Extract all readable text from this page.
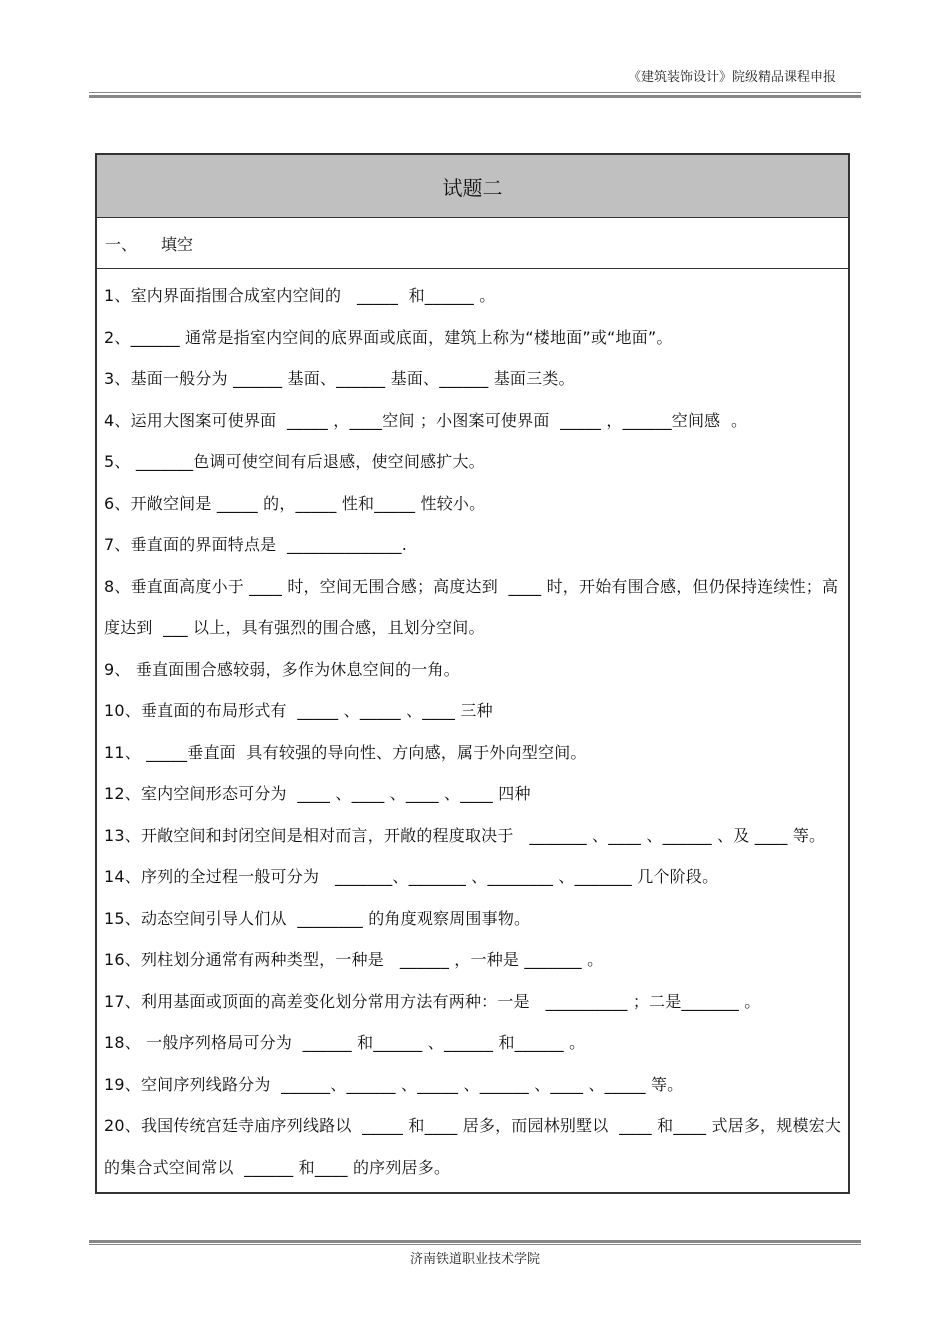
《建筑装饰设计》院级精品课程申报
试题二
一、 填空
1、室内界面指围合成室内空间的   _____  和______ 。
2、______ 通常是指室内空间的底界面或底面，建筑上称为“楼地面”或“地面”。
3、基面一般分为 ______ 基面、______ 基面、______ 基面三类。
4、运用大图案可使界面  _____ ，____空间 ；小图案可使界面  _____ ，______空间感  。
5、 _______色调可使空间有后退感，使空间感扩大。
6、开敞空间是 _____ 的，_____ 性和_____ 性较小。
7、垂直面的界面特点是  ______________.
8、垂直面高度小于 ____ 时，空间无围合感；高度达到  ____ 时，开始有围合感，但仍保持连续性；高度达到  ___ 以上，具有强烈的围合感，且划分空间。
9、 垂直面围合感较弱，多作为休息空间的一角。
10、垂直面的布局形式有  _____ 、_____ 、____ 三种
11、 _____垂直面  具有较强的导向性、方向感，属于外向型空间。
12、室内空间形态可分为  ____ 、____ 、____ 、____ 四种
13、开敞空间和封闭空间是相对而言，开敞的程度取决于   _______ 、____ 、______ 、及 ____ 等。
14、序列的全过程一般可分为   _______、_______ 、________ 、_______ 几个阶段。
15、动态空间引导人们从  ________ 的角度观察周围事物。
16、列柱划分通常有两种类型，一种是   ______ ，一种是 _______ 。
17、利用基面或顶面的高差变化划分常用方法有两种：一是   __________ ；二是_______ 。
18、 一般序列格局可分为  ______ 和______ 、______ 和______ 。
19、空间序列线路分为  ______、______ 、_____ 、______ 、____ 、_____ 等。
20、我国传统宫廷寺庙序列线路以  _____ 和____ 居多，而园林别墅以  ____ 和____ 式居多，规模宏大的集合式空间常以  ______ 和____ 的序列居多。
济南铁道职业技术学院
